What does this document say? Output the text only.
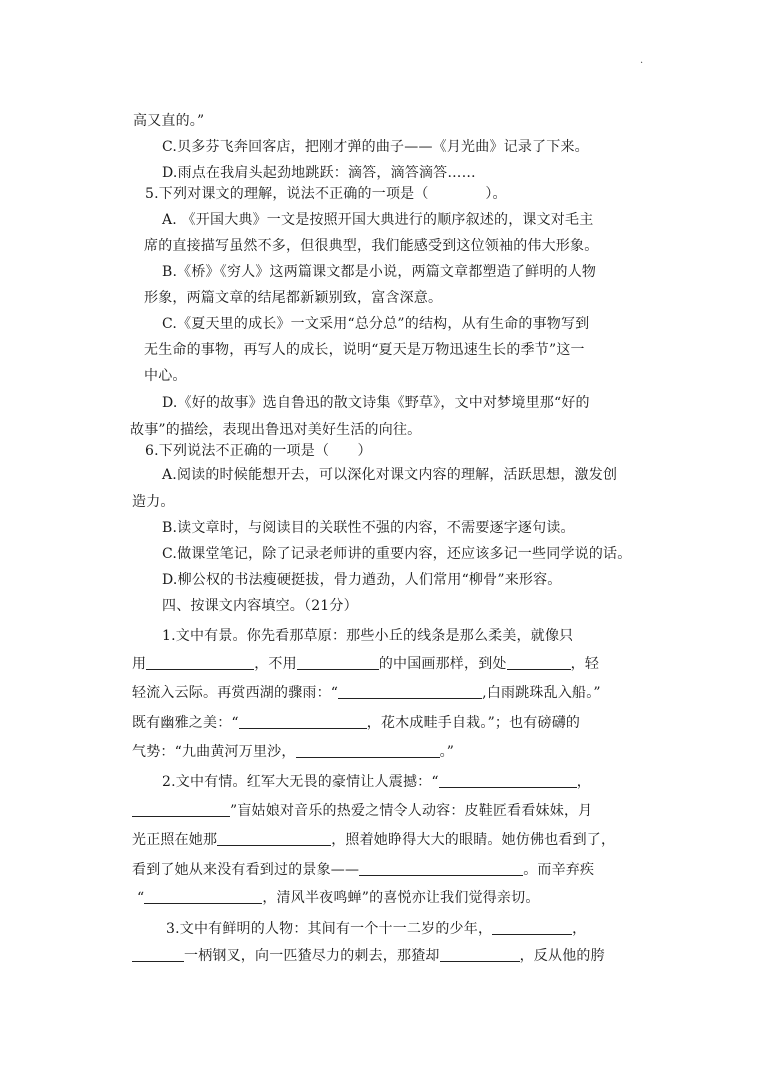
·
高又直的。”
C.贝多芬飞奔回客店，把刚才弹的曲子——《月光曲》记录了下来。
D.雨点在我肩头起劲地跳跃：滴答，滴答滴答……
5.下列对课文的理解，说法不正确的一项是（　　　　）。
A. 《开国大典》一文是按照开国大典进行的顺序叙述的，课文对毛主
席的直接描写虽然不多，但很典型，我们能感受到这位领袖的伟大形象。
B.《桥》《穷人》这两篇课文都是小说，两篇文章都塑造了鲜明的人物
形象，两篇文章的结尾都新颖别致，富含深意。
C.《夏天里的成长》一文采用“总分总”的结构，从有生命的事物写到
无生命的事物，再写人的成长，说明“夏天是万物迅速生长的季节”这一
中心。
D.《好的故事》选自鲁迅的散文诗集《野草》，文中对梦境里那“好的
故事”的描绘，表现出鲁迅对美好生活的向往。
6.下列说法不正确的一项是（　　）
A.阅读的时候能想开去，可以深化对课文内容的理解，活跃思想，激发创
造力。
B.读文章时，与阅读目的关联性不强的内容，不需要逐字逐句读。
C.做课堂笔记，除了记录老师讲的重要内容，还应该多记一些同学说的话。
D.柳公权的书法瘦硬挺拔，骨力遒劲，人们常用“柳骨”来形容。
四、按课文内容填空。（21分）
1.文中有景。你先看那草原：那些小丘的线条是那么柔美，就像只
用	，不用	的中国画那样，到处	，轻
轻流入云际。再赏西湖的骤雨：“	,白雨跳珠乱入船。”
既有幽雅之美：“	，花木成畦手自栽。”；也有磅礴的
气势：“九曲黄河万里沙，	。”
2.文中有情。红军大无畏的豪情让人震撼：“	，
”盲姑娘对音乐的热爱之情令人动容：皮鞋匠看看妹妹，月
光正照在她那	，照着她睁得大大的眼睛。她仿佛也看到了，
看到了她从来没有看到过的景象——	。而辛弃疾
“	，清风半夜鸣蝉”的喜悦亦让我们觉得亲切。
3.文中有鲜明的人物：其间有一个十一二岁的少年，	，
一柄钢叉，向一匹猹尽力的刺去，那猹却	，反从他的胯
